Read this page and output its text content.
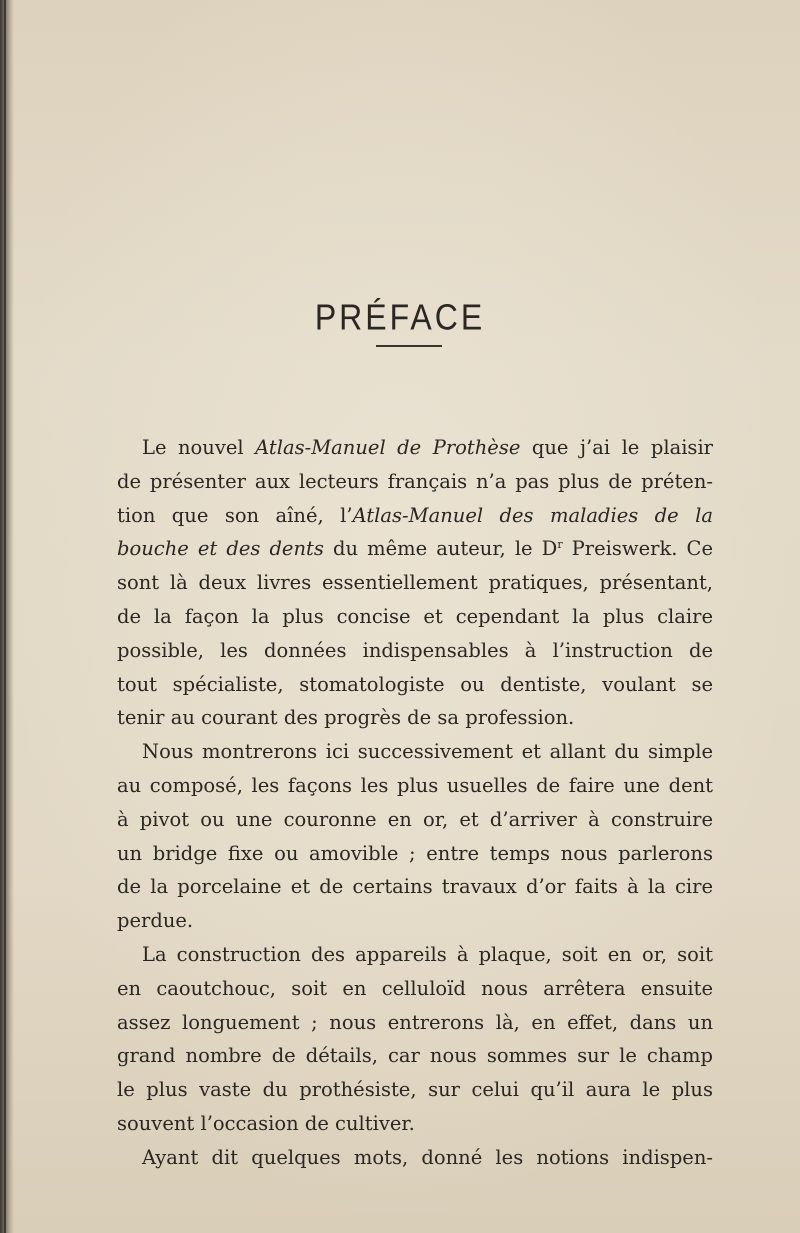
PRÉFACE
Le nouvel Atlas-Manuel de Prothèse que j’ai le plaisir
de présenter aux lecteurs français n’a pas plus de préten-
tion que son aîné, l’Atlas-Manuel des maladies de la
bouche et des dents du même auteur, le $D^r$ Preiswerk. Ce
sont là deux livres essentiellement pratiques, présentant,
de la façon la plus concise et cependant la plus claire
possible, les données indispensables à l’instruction de
tout spécialiste, stomatologiste ou dentiste, voulant se
tenir au courant des progrès de sa profession.
Nous montrerons ici successivement et allant du simple
au composé, les façons les plus usuelles de faire une dent
à pivot ou une couronne en or, et d’arriver à construire
un bridge fixe ou amovible ; entre temps nous parlerons
de la porcelaine et de certains travaux d’or faits à la cire
perdue.
La construction des appareils à plaque, soit en or, soit
en caoutchouc, soit en celluloïd nous arrêtera ensuite
assez longuement ; nous entrerons là, en effet, dans un
grand nombre de détails, car nous sommes sur le champ
le plus vaste du prothésiste, sur celui qu’il aura le plus
souvent l’occasion de cultiver.
Ayant dit quelques mots, donné les notions indispen-
